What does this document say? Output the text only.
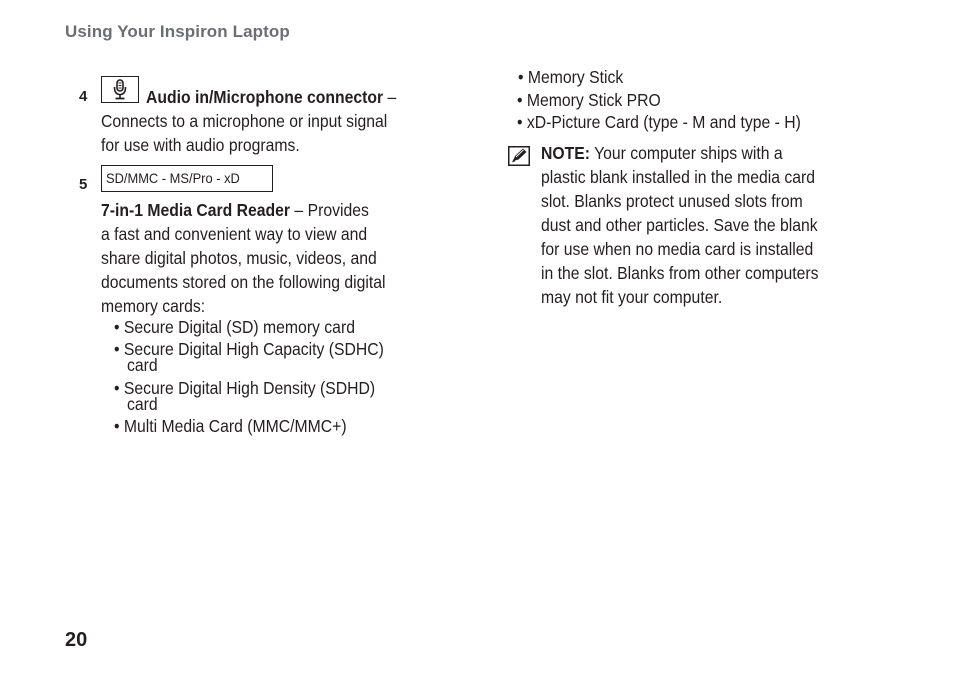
Using Your Inspiron Laptop
4	Audio in/Microphone connector –
Connects to a microphone or input signal
for use with audio programs.
5	SD/MMC - MS/Pro - xD
7-in-1 Media Card Reader – Provides
a fast and convenient way to view and
share digital photos, music, videos, and
documents stored on the following digital
memory cards:
• Secure Digital (SD) memory card
• Secure Digital High Capacity (SDHC)
card
• Secure Digital High Density (SDHD)
card
• Multi Media Card (MMC/MMC+)
• Memory Stick
• Memory Stick PRO
• xD-Picture Card (type - M and type - H)
NOTE: Your computer ships with a
plastic blank installed in the media card
slot. Blanks protect unused slots from
dust and other particles. Save the blank
for use when no media card is installed
in the slot. Blanks from other computers
may not fit your computer.
20
